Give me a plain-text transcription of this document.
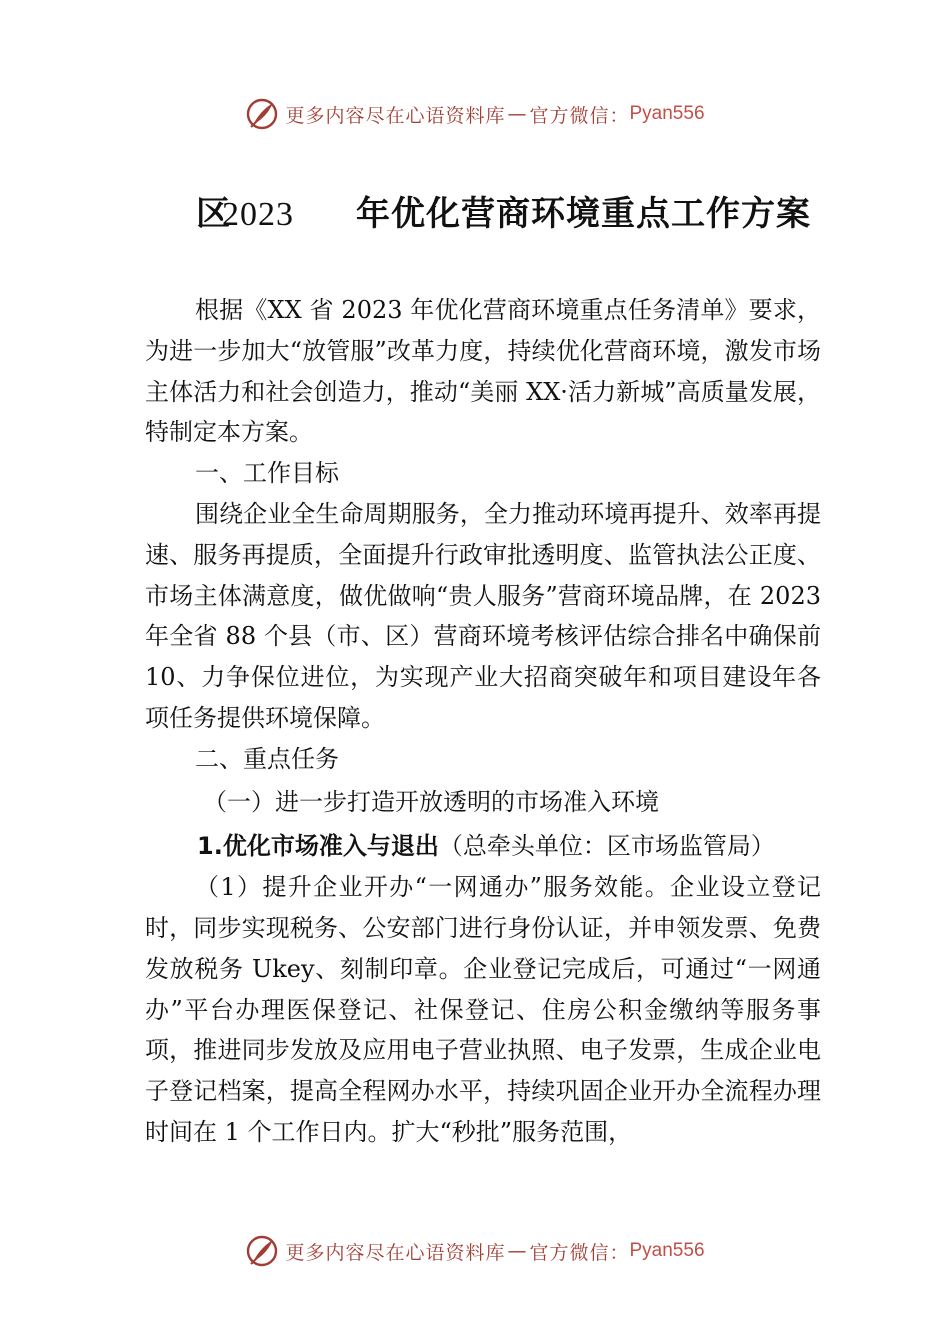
更多内容尽在心语资料库 — 官方微信： Pyan556
区2023 年优化营商环境重点工作方案

根据《XX 省 2023 年优化营商环境重点任务清单》要求，为进一步加大“放管服”改革力度，持续优化营商环境，激发市场主体活力和社会创造力，推动“美丽 XX·活力新城”高质量发展，特制定本方案。

一、工作目标

围绕企业全生命周期服务，全力推动环境再提升、效率再提速、服务再提质，全面提升行政审批透明度、监管执法公正度、市场主体满意度，做优做响“贵人服务”营商环境品牌，在 2023 年全省 88 个县（市、区）营商环境考核评估综合排名中确保前 10、力争保位进位，为实现产业大招商突破年和项目建设年各项任务提供环境保障。

二、重点任务

（一）进一步打造开放透明的市场准入环境

1.优化市场准入与退出（总牵头单位：区市场监管局）

（1）提升企业开办“一网通办”服务效能。企业设立登记时，同步实现税务、公安部门进行身份认证，并申领发票、免费发放税务 Ukey、刻制印章。企业登记完成后，可通过“一网通办”平台办理医保登记、社保登记、住房公积金缴纳等服务事项，推进同步发放及应用电子营业执照、电子发票，生成企业电子登记档案，提高全程网办水平，持续巩固企业开办全流程办理时间在 1 个工作日内。扩大“秒批”服务范围，

更多内容尽在心语资料库 — 官方微信： Pyan556
